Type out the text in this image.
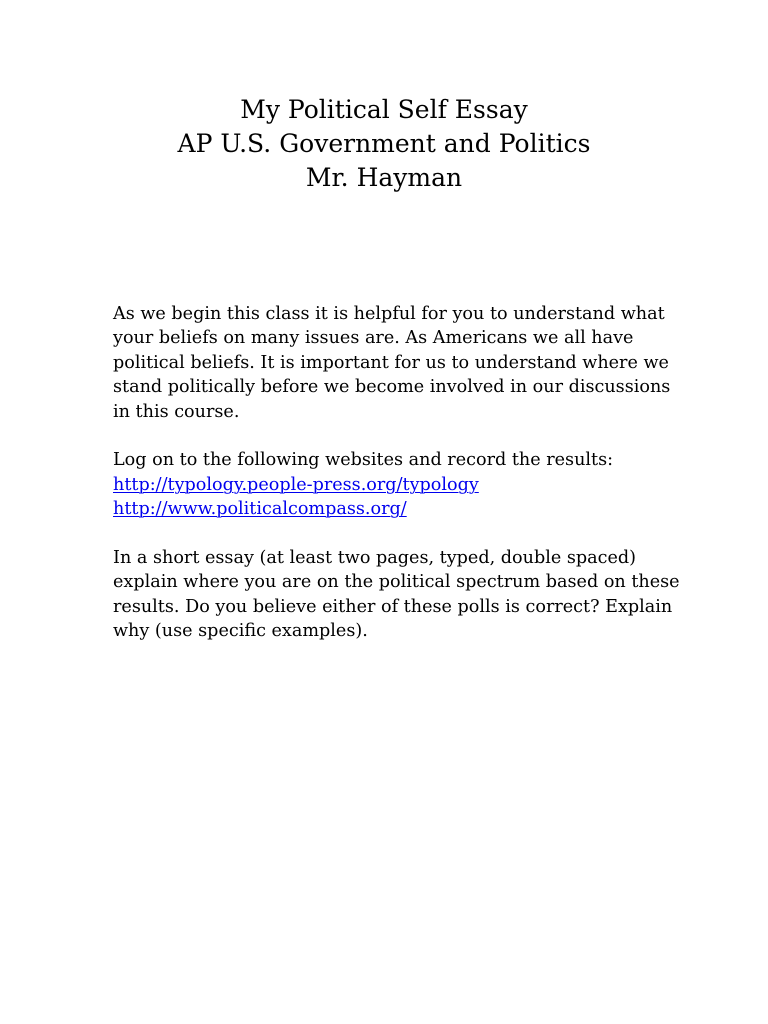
My Political Self Essay
AP U.S. Government and Politics
Mr. Hayman
As we begin this class it is helpful for you to understand what
your beliefs on many issues are. As Americans we all have
political beliefs. It is important for us to understand where we
stand politically before we become involved in our discussions
in this course.
Log on to the following websites and record the results:
http://typology.people-press.org/typology
http://www.politicalcompass.org/
In a short essay (at least two pages, typed, double spaced)
explain where you are on the political spectrum based on these
results. Do you believe either of these polls is correct? Explain
why (use specific examples).
